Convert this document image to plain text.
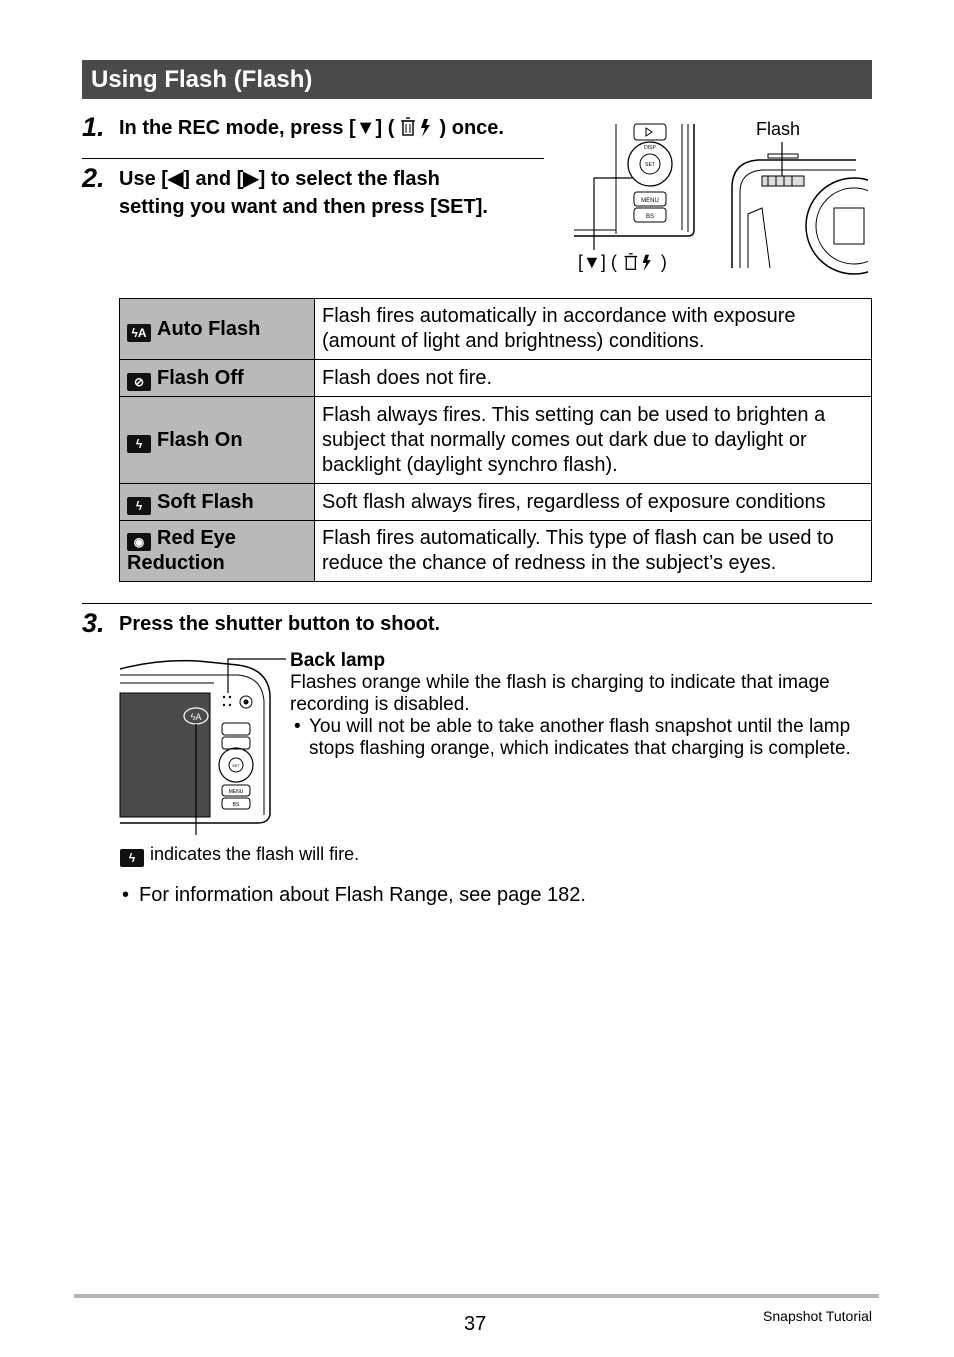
Using Flash (Flash)
1. In the REC mode, press [▼] ( ) once.
2. Use [◀] and [▶] to select the flash
setting you want and then press [SET].
SET
DISP
MENU
BS
Flash
[▼] ( )
ϟA Auto Flash	Flash fires automatically in accordance with exposure (amount of light and brightness) conditions.
⊘ Flash Off	Flash does not fire.
ϟ Flash On	Flash always fires. This setting can be used to brighten a subject that normally comes out dark due to daylight or backlight (daylight synchro flash).
ϟ Soft Flash	Soft flash always fires, regardless of exposure conditions
◉ Red Eye Reduction	Flash fires automatically. This type of flash can be used to reduce the chance of redness in the subject’s eyes.
3. Press the shutter button to shoot.
ϟA
SET
MENU
BS
Back lamp
Flashes orange while the flash is charging to indicate that image recording is disabled.
• You will not be able to take another flash snapshot until the lamp stops flashing orange, which indicates that charging is complete.
ϟ indicates the flash will fire.
• For information about Flash Range, see page 182.
37	Snapshot Tutorial
